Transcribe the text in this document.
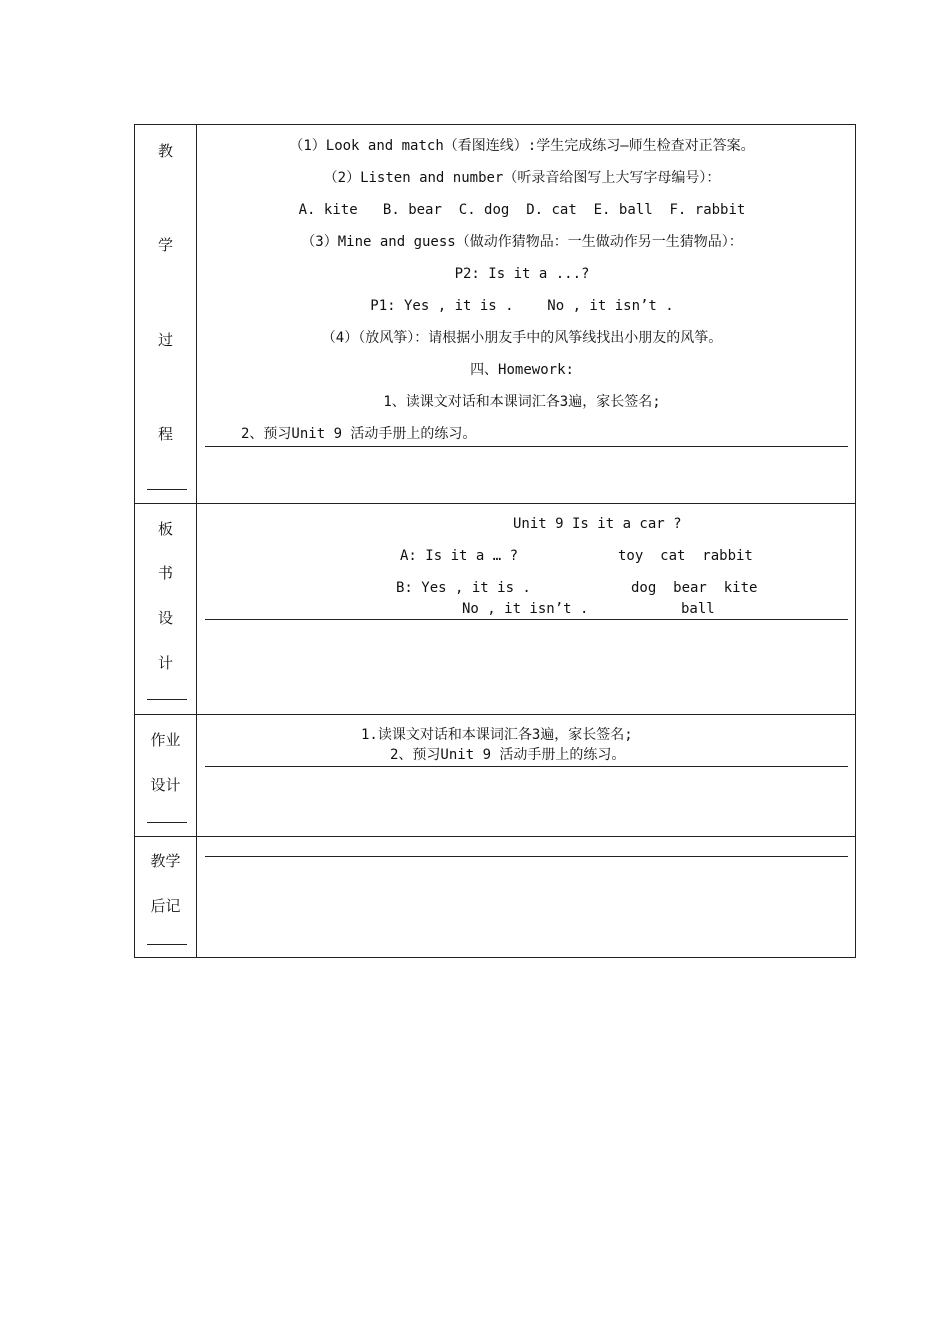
教
学
过
程
（1）Look and match（看图连线）:学生完成练习—师生检查对正答案。
（2）Listen and number（听录音给图写上大写字母编号）：
A. kite   B. bear  C. dog  D. cat  E. ball  F. rabbit
（3）Mine and guess（做动作猜物品：一生做动作另一生猜物品）：
P2: Is it a ...?
P1: Yes , it is .    No , it isn’t .
（4）（放风筝）：请根据小朋友手中的风筝线找出小朋友的风筝。
四、Homework:
1、读课文对话和本课词汇各3遍，家长签名;
2、预习Unit 9 活动手册上的练习。
板
书
设
计
Unit 9 Is it a car ?
A: Is it a … ?	toy  cat  rabbit
B: Yes , it is .	dog  bear  kite
No , it isn’t .	ball
作业
设计
1.读课文对话和本课词汇各3遍，家长签名;
2、预习Unit 9 活动手册上的练习。
教学
后记
